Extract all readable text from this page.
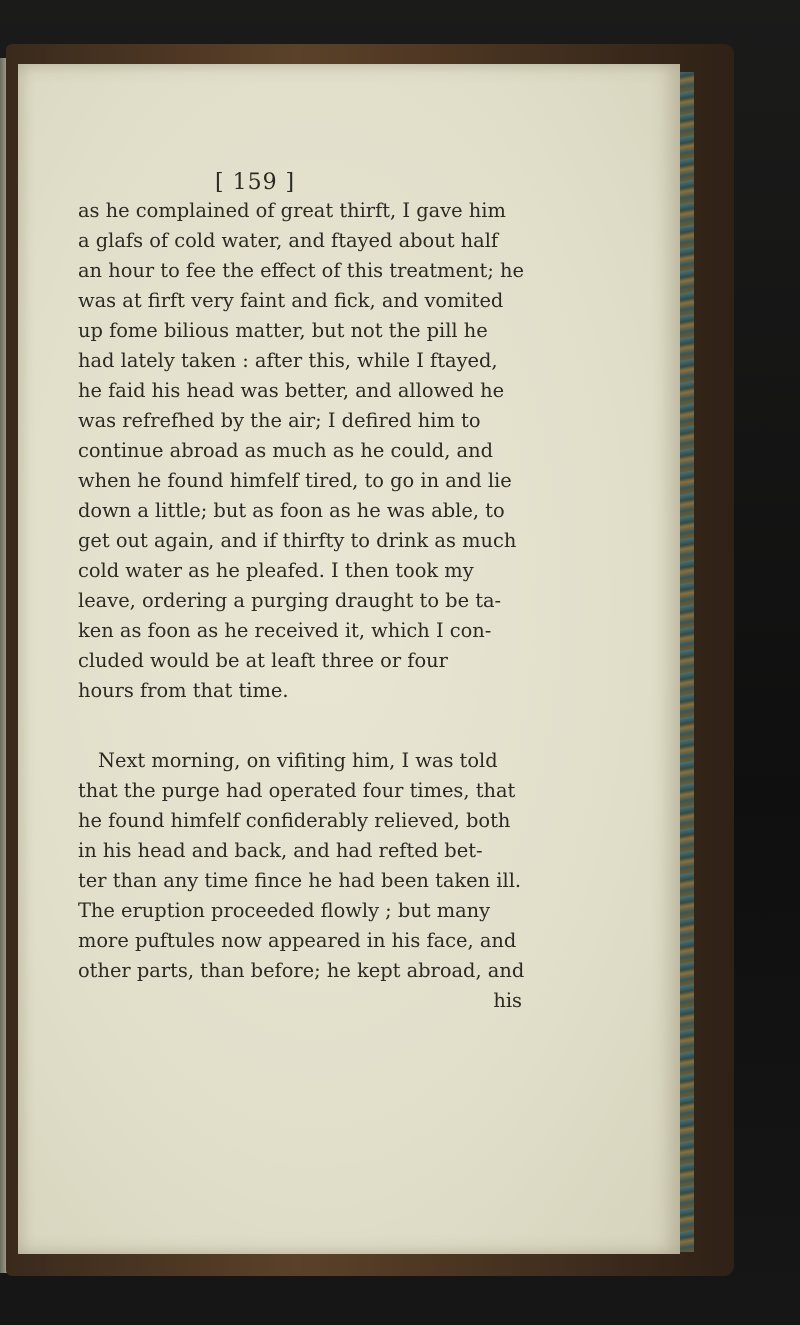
[ 159 ]
as he complained of great thirft, I gave him
a glafs of cold water, and ftayed about half
an hour to fee the effect of this treatment; he
was at firft very faint and fick, and vomited
up fome bilious matter, but not the pill he
had lately taken : after this, while I ftayed,
he faid his head was better, and allowed he
was refrefhed by the air; I defired him to
continue abroad as much as he could, and
when he found himfelf tired, to go in and lie
down a little; but as foon as he was able, to
get out again, and if thirfty to drink as much
cold water as he pleafed. I then took my
leave, ordering a purging draught to be ta-
ken as foon as he received it, which I con-
cluded would be at leaft three or four
hours from that time.
Next morning, on vifiting him, I was told
that the purge had operated four times, that
he found himfelf confiderably relieved, both
in his head and back, and had refted bet-
ter than any time fince he had been taken ill.
The eruption proceeded flowly ; but many
more puftules now appeared in his face, and
other parts, than before; he kept abroad, and
his
